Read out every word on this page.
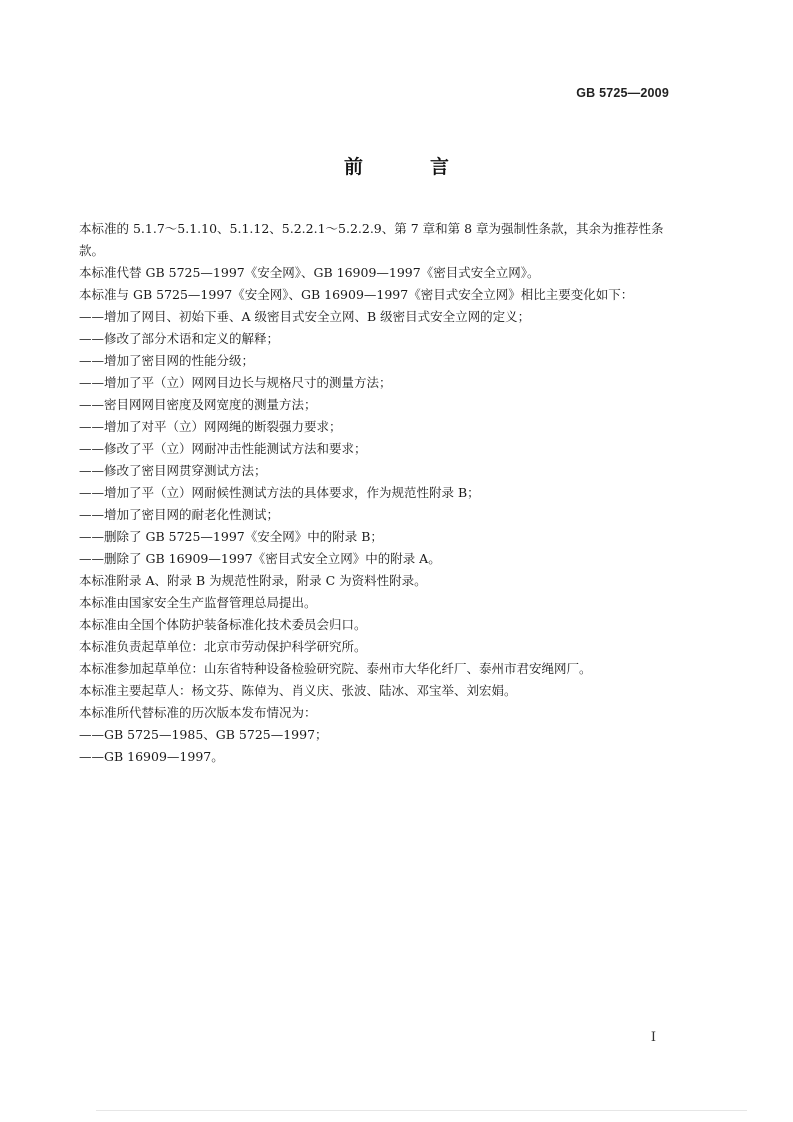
GB 5725—2009
前　言

本标准的 5.1.7～5.1.10、5.1.12、5.2.2.1～5.2.2.9、第 7 章和第 8 章为强制性条款，其余为推荐性条款。

本标准代替 GB 5725—1997《安全网》、GB 16909—1997《密目式安全立网》。

本标准与 GB 5725—1997《安全网》、GB 16909—1997《密目式安全立网》相比主要变化如下：

——增加了网目、初始下垂、A 级密目式安全立网、B 级密目式安全立网的定义；

——修改了部分术语和定义的解释；

——增加了密目网的性能分级；

——增加了平（立）网网目边长与规格尺寸的测量方法；

——密目网网目密度及网宽度的测量方法；

——增加了对平（立）网网绳的断裂强力要求；

——修改了平（立）网耐冲击性能测试方法和要求；

——修改了密目网贯穿测试方法；

——增加了平（立）网耐候性测试方法的具体要求，作为规范性附录 B；

——增加了密目网的耐老化性测试；

——删除了 GB 5725—1997《安全网》中的附录 B；

——删除了 GB 16909—1997《密目式安全立网》中的附录 A。

本标准附录 A、附录 B 为规范性附录，附录 C 为资料性附录。

本标准由国家安全生产监督管理总局提出。

本标准由全国个体防护装备标准化技术委员会归口。

本标准负责起草单位：北京市劳动保护科学研究所。

本标准参加起草单位：山东省特种设备检验研究院、泰州市大华化纤厂、泰州市君安绳网厂。

本标准主要起草人：杨文芬、陈倬为、肖义庆、张波、陆冰、邓宝举、刘宏娟。

本标准所代替标准的历次版本发布情况为：

——GB 5725—1985、GB 5725—1997；

——GB 16909—1997。

I
